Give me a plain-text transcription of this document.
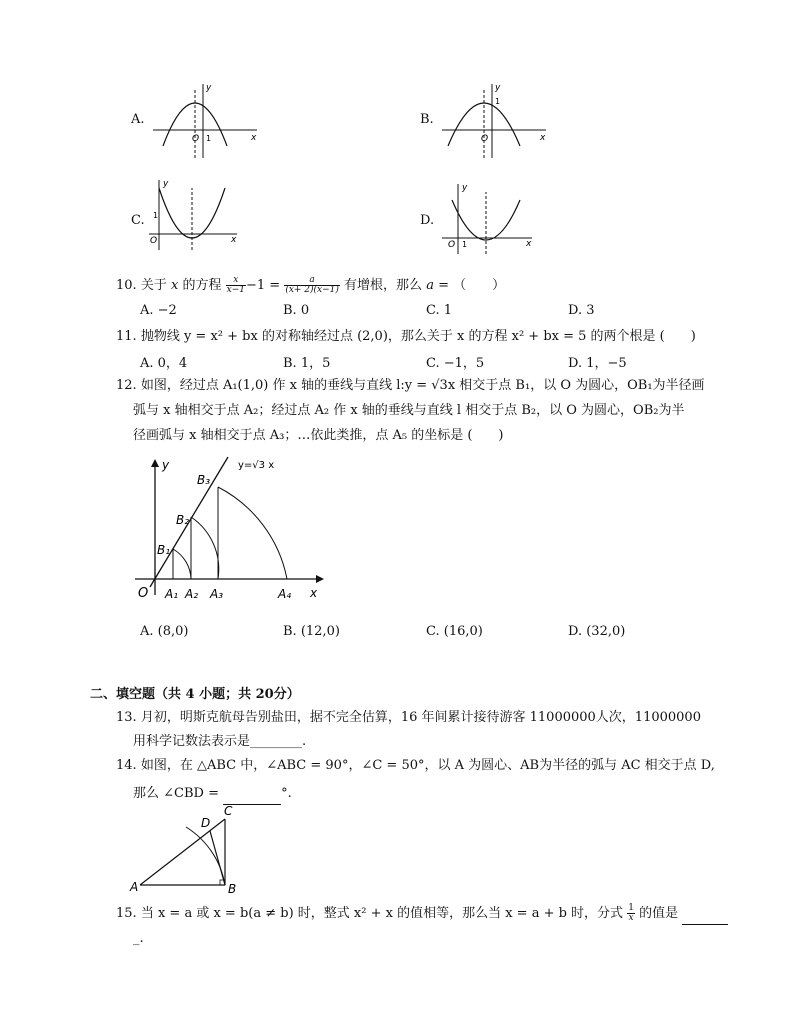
A.
y
x
O 1
B.
y
x
O
1
C.
y
x
O
1	D.
y
x
O 1
10. 关于 x 的方程 $\frac{x}{x-1} -1 = \frac{a}{(x+ 2)(x-1)}$ 有增根，那么 a = （　　）
A. −2	B. 0	C. 1	D. 3
11. 抛物线 y = x² + bx 的对称轴经过点 (2,0)，那么关于 x 的方程 x² + bx = 5 的两个根是 (　　)
A. 0，4	B. 1，5	C. −1，5	D. 1，−5
12. 如图，经过点 A₁(1,0) 作 x 轴的垂线与直线 l:y = √3x 相交于点 B₁，以 O 为圆心，OB₁为半径画
弧与 x 轴相交于点 A₂；经过点 A₂ 作 x 轴的垂线与直线 l 相交于点 B₂，以 O 为圆心，OB₂为半
径画弧与 x 轴相交于点 A₃；…依此类推，点 A₅ 的坐标是 (　　)
y=√3 x
y
x
O A₁ A₂ A₃	A₄
B₁
B₂
B₃
A. (8,0)	B. (12,0)	C. (16,0)	D. (32,0)
二、填空题（共 4 小题；共 20分）
13. 月初，明斯克航母告别盐田，据不完全估算，16 年间累计接待游客 11000000人次，11000000
用科学记数法表示是________.
14. 如图，在 △ABC 中，∠ABC = 90°，∠C = 50°，以 A 为圆心、AB为半径的弧与 AC 相交于点 D,
那么 ∠CBD =	°.
A	B
C
D
15. 当 x = a 或 x = b(a ≠ b) 时，整式 x² + x 的值相等，那么当 x = a + b 时，分式 $\frac{1}{x}$ 的值是
_.
